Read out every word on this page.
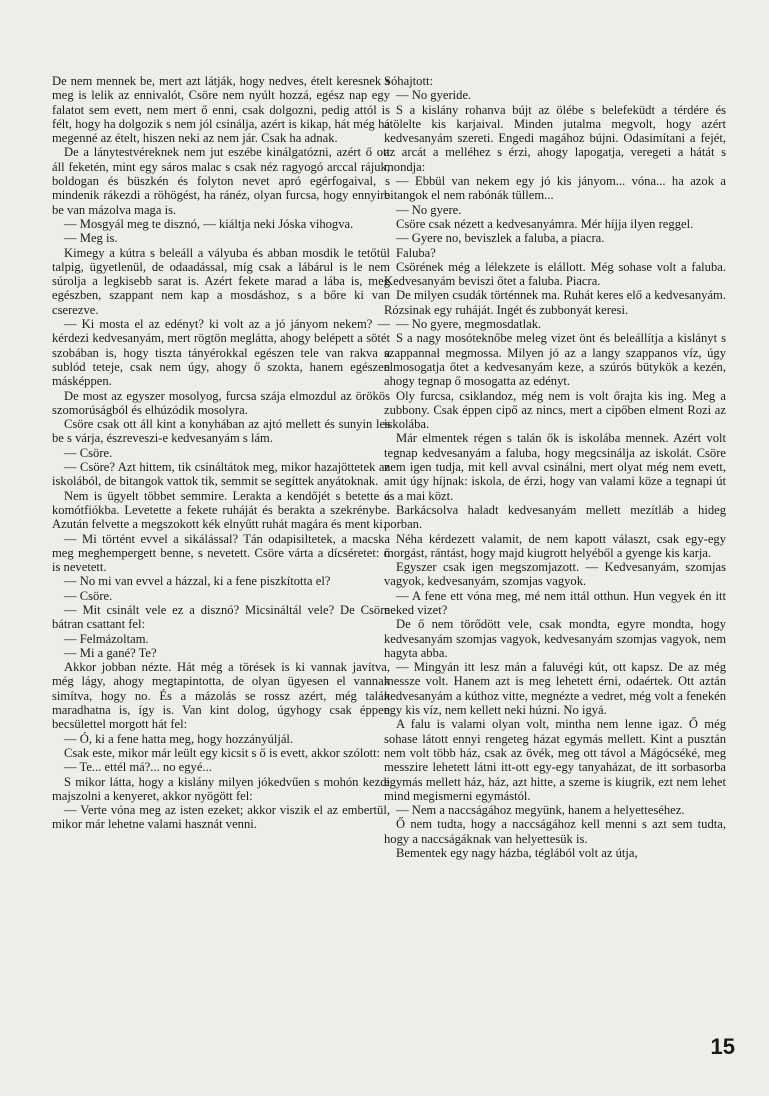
De nem mennek be, mert azt látják, hogy nedves, ételt keresnek s meg is lelik az ennivalót, Csöre nem nyúlt hozzá, egész nap egy falatot sem evett, nem mert ő enni, csak dolgozni, pedig attól is félt, hogy ha dolgozik s nem jól csinálja, azért is kikap, hát még ha megenné az ételt, hiszen neki az nem jár. Csak ha adnak.

De a lánytestvéreknek nem jut eszébe kinálgatózni, azért ő ott áll feketén, mint egy sáros malac s csak néz ragyogó arccal rájuk, boldogan és büszkén és folyton nevet apró egérfogaival, s mindenik rákezdi a röhögést, ha ránéz, olyan furcsa, hogy ennyire be van mázolva maga is.

— Mosgyál meg te disznó, — kiáltja neki Jóska vihogva.

— Meg is.

Kimegy a kútra s beleáll a vályuba és abban mosdik le tetőtül talpig, ügyetlenül, de odaadással, míg csak a lábárul is le nem súrolja a legkisebb sarat is. Azért fekete marad a lába is, meg egészben, szappant nem kap a mosdáshoz, s a bőre ki van cserezve.

— Ki mosta el az edényt? ki volt az a jó jányom nekem? — kérdezi kedvesanyám, mert rögtön meglátta, ahogy belépett a sötét szobában is, hogy tiszta tányérokkal egészen tele van rakva a sublód teteje, csak nem úgy, ahogy ő szokta, hanem egészen másképpen.

De most az egyszer mosolyog, furcsa szája elmozdul az örökös szomorúságból és elhúzódik mosolyra.

Csöre csak ott áll kint a konyhában az ajtó mellett és sunyin les be s várja, észreveszi-e kedvesanyám s lám.

— Csöre.

— Csöre? Azt hittem, tik csináltátok meg, mikor hazajöttetek az iskolából, de bitangok vattok tik, semmit se segíttek anyátoknak.

Nem is ügyelt többet semmire. Lerakta a kendőjét s betette a komótfiókba. Levetette a fekete ruháját és berakta a szekrénybe. Azután felvette a megszokott kék elnyűtt ruhát magára és ment ki.

— Mi történt evvel a sikálással? Tán odapisiltetek, a macska meg meghempergett benne, s nevetett. Csöre várta a dícséretet: ő is nevetett.

— No mi van evvel a házzal, ki a fene piszkította el?

— Csöre.

— Mit csinált vele ez a disznó? Micsináltál vele? De Csöre bátran csattant fel:

— Felmázoltam.

— Mi a gané? Te?

Akkor jobban nézte. Hát még a törések is ki vannak javítva, még lágy, ahogy megtapintotta, de olyan ügyesen el vannak simítva, hogy no. És a mázolás se rossz azért, még talán maradhatna is, így is. Van kint dolog, úgyhogy csak éppen becsülettel morgott hát fel:

— Ó, ki a fene hatta meg, hogy hozzányúljál.

Csak este, mikor már leült egy kicsit s ő is evett, akkor szólott:

— Te... ettél má?... no egyé...

S mikor látta, hogy a kislány milyen jókedvűen s mohón kezdi majszolni a kenyeret, akkor nyögött fel:

— Verte vóna meg az isten ezeket; akkor viszik el az embertül, mikor már lehetne valami hasznát venni.

Sóhajtott:

— No gyeride.

S a kislány rohanva bújt az ölébe s belefeküdt a térdére és átölelte kis karjaival. Minden jutalma megvolt, hogy azért kedvesanyám szereti. Engedi magához bújni. Odasimítani a fejét, az arcát a melléhez s érzi, ahogy lapogatja, veregeti a hátát s mondja:

— Ebbül van nekem egy jó kis jányom... vóna... ha azok a bitangok el nem rabónák tüllem...

— No gyere.

Csöre csak nézett a kedvesanyámra. Mér híjja ilyen reggel.

— Gyere no, beviszlek a faluba, a piacra.

Faluba?

Csörének még a lélekzete is elállott. Még sohase volt a faluba. Kedvesanyám beviszi őtet a faluba. Piacra.

De milyen csudák történnek ma. Ruhát keres elő a kedvesanyám. Rózsinak egy ruháját. Ingét és zubbonyát keresi.

— No gyere, megmosdatlak.

S a nagy mosóteknőbe meleg vizet önt és beleállítja a kislányt s szappannal megmossa. Milyen jó az a langy szappanos víz, úgy elmosogatja őtet a kedvesanyám keze, a szúrós bütykök a kezén, ahogy tegnap ő mosogatta az edényt.

Oly furcsa, csiklandoz, még nem is volt őrajta kis ing. Meg a zubbony. Csak éppen cipő az nincs, mert a cipőben elment Rozi az iskolába.

Már elmentek régen s talán ők is iskolába mennek. Azért volt tegnap kedvesanyám a faluba, hogy megcsinálja az iskolát. Csöre nem igen tudja, mit kell avval csinálni, mert olyat még nem evett, amit úgy híjnak: iskola, de érzi, hogy van valami köze a tegnapi út és a mai közt.

Barkácsolva haladt kedvesanyám mellett mezítláb a hideg porban.

Néha kérdezett valamit, de nem kapott választ, csak egy-egy morgást, rántást, hogy majd kiugrott helyéből a gyenge kis karja.

Egyszer csak igen megszomjazott. — Kedvesanyám, szomjas vagyok, kedvesanyám, szomjas vagyok.

— A fene ett vóna meg, mé nem ittál otthun. Hun vegyek én itt neked vizet?

De ő nem törődött vele, csak mondta, egyre mondta, hogy kedvesanyám szomjas vagyok, kedvesanyám szomjas vagyok, nem hagyta abba.

— Mingyán itt lesz mán a faluvégi kút, ott kapsz. De az még messze volt. Hanem azt is meg lehetett érni, odaértek. Ott aztán kedvesanyám a kúthoz vitte, megnézte a vedret, még volt a fenekén egy kis víz, nem kellett neki húzni. No igyá.

A falu is valami olyan volt, mintha nem lenne igaz. Ő még sohase látott ennyi rengeteg házat egymás mellett. Kint a pusztán nem volt több ház, csak az övék, meg ott távol a Mágócséké, meg messzire lehetett látni itt-ott egy-egy tanyaházat, de itt sorbasorba egymás mellett ház, ház, azt hitte, a szeme is kiugrik, ezt nem lehet mind megismerni egymástól.

— Nem a naccságához megyünk, hanem a helyetteséhez.

Ő nem tudta, hogy a naccságához kell menni s azt sem tudta, hogy a naccságáknak van helyettesük is.

Bementek egy nagy házba, téglából volt az útja,

15
